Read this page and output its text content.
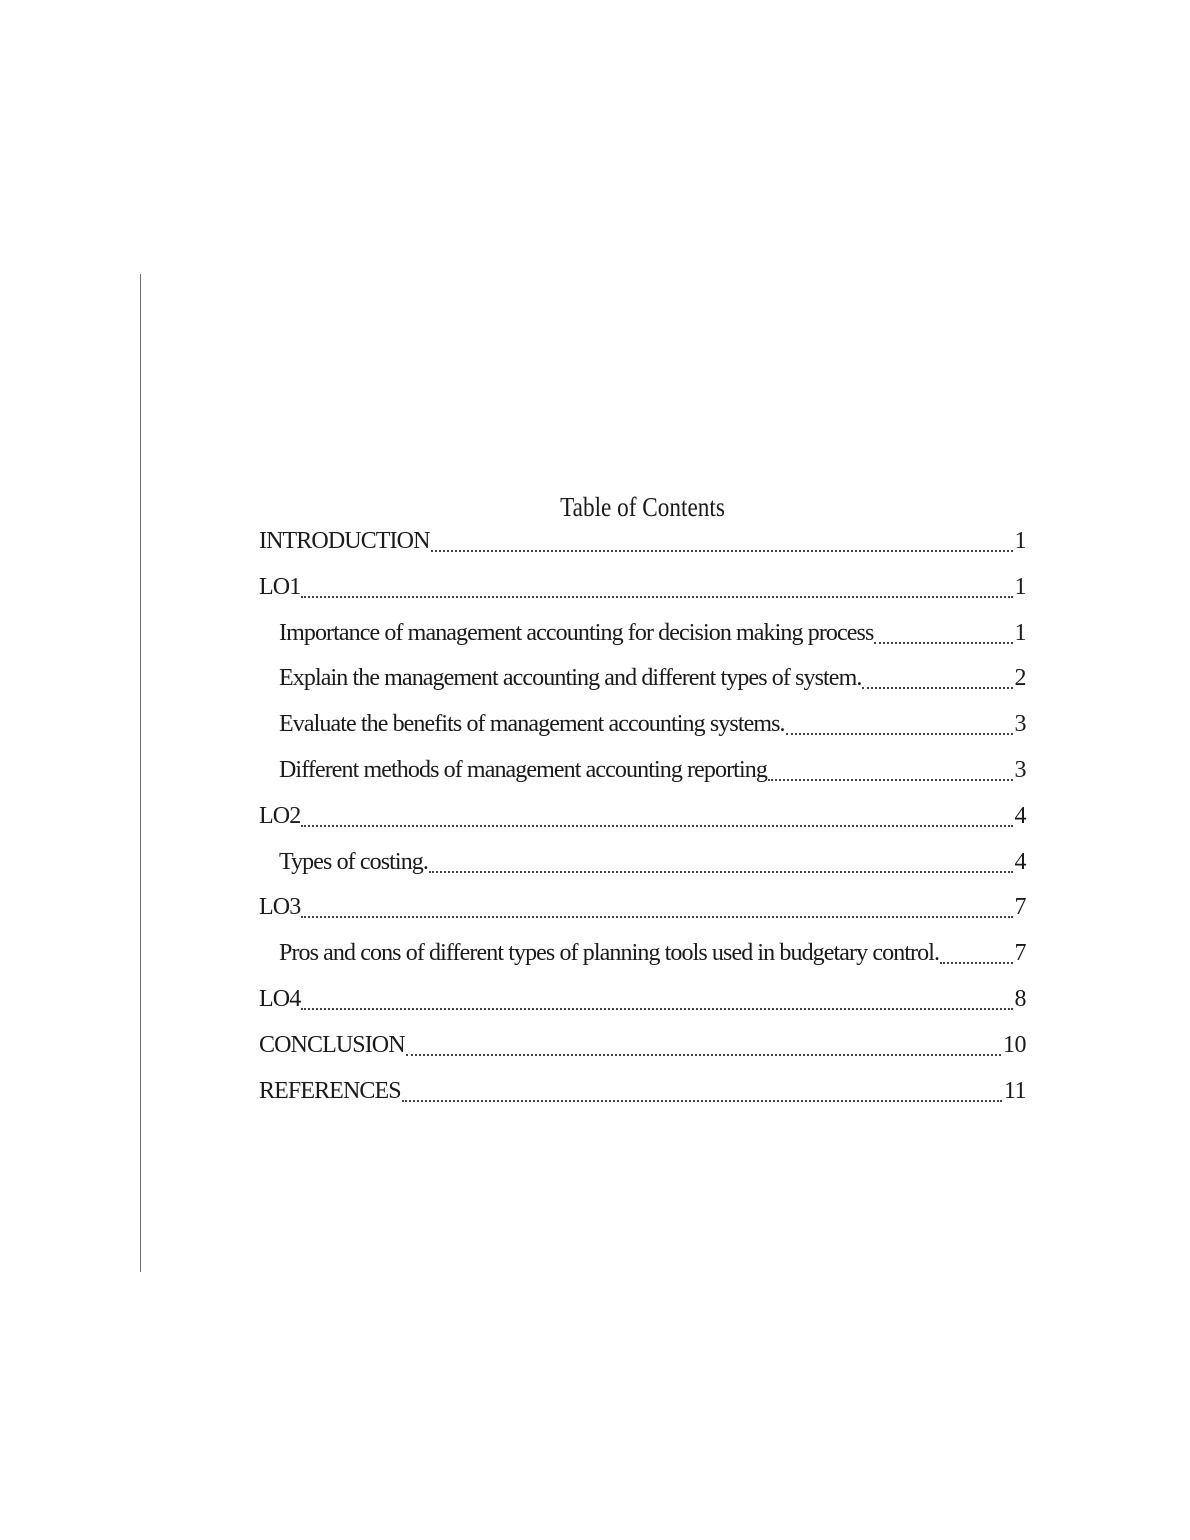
Table of Contents
INTRODUCTION	1
LO1	1
Importance of management accounting for decision making process	1
Explain the management accounting and different types of system.	2
Evaluate the benefits of management accounting systems.	3
Different methods of management accounting reporting	3
LO2	4
Types of costing.	4
LO3	7
Pros and cons of different types of planning tools used in budgetary control.	7
LO4	8
CONCLUSION	10
REFERENCES	11
